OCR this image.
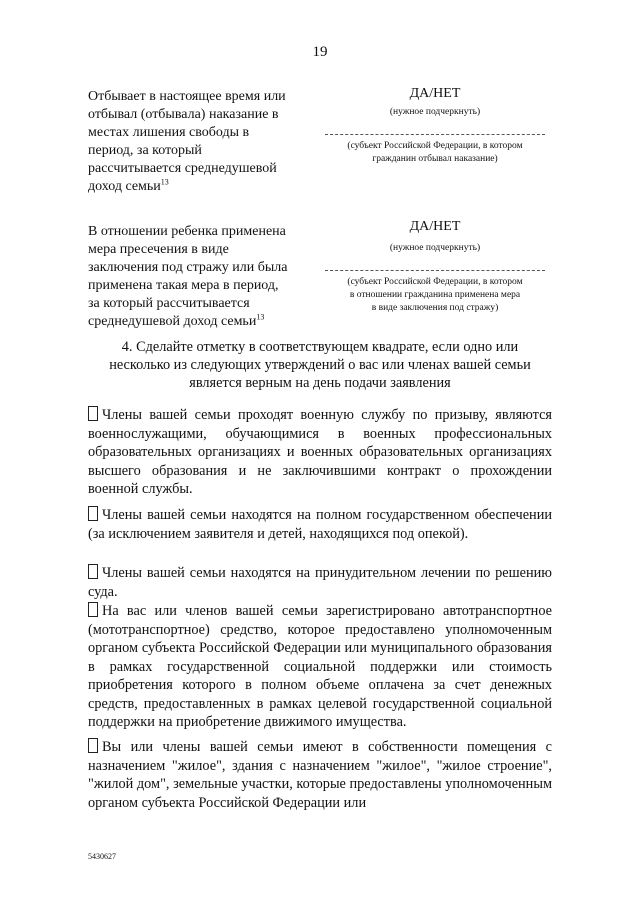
19
Отбывает в настоящее время или
отбывал (отбывала) наказание в
местах лишения свободы в
период, за который
рассчитывается среднедушевой
доход семьи$^{13}$
ДА/НЕТ
(нужное подчеркнуть)
(субъект Российской Федерации, в котором
гражданин отбывал наказание)
В отношении ребенка применена
мера пресечения в виде
заключения под стражу или была
применена такая мера в период,
за который рассчитывается
среднедушевой доход семьи$^{13}$
ДА/НЕТ
(нужное подчеркнуть)
(субъект Российской Федерации, в котором
в отношении гражданина применена мера
в виде заключения под стражу)
4. Сделайте отметку в соответствующем квадрате, если одно или
несколько из следующих утверждений о вас или членах вашей семьи
является верным на день подачи заявления
Члены вашей семьи проходят военную службу по призыву, являются военнослужащими, обучающимися в военных профессиональных образовательных организациях и военных образовательных организациях высшего образования и не заключившими контракт о прохождении военной службы.
Члены вашей семьи находятся на полном государственном обеспечении (за исключением заявителя и детей, находящихся под опекой).
Члены вашей семьи находятся на принудительном лечении по решению суда.
На вас или членов вашей семьи зарегистрировано автотранспортное (мототранспортное) средство, которое предоставлено уполномоченным органом субъекта Российской Федерации или муниципального образования в рамках государственной социальной поддержки или стоимость приобретения которого в полном объеме оплачена за счет денежных средств, предоставленных в рамках целевой государственной социальной поддержки на приобретение движимого имущества.
Вы или члены вашей семьи имеют в собственности помещения с назначением "жилое", здания с назначением "жилое", "жилое строение", "жилой дом", земельные участки, которые предоставлены уполномоченным органом субъекта Российской Федерации или
5430627
